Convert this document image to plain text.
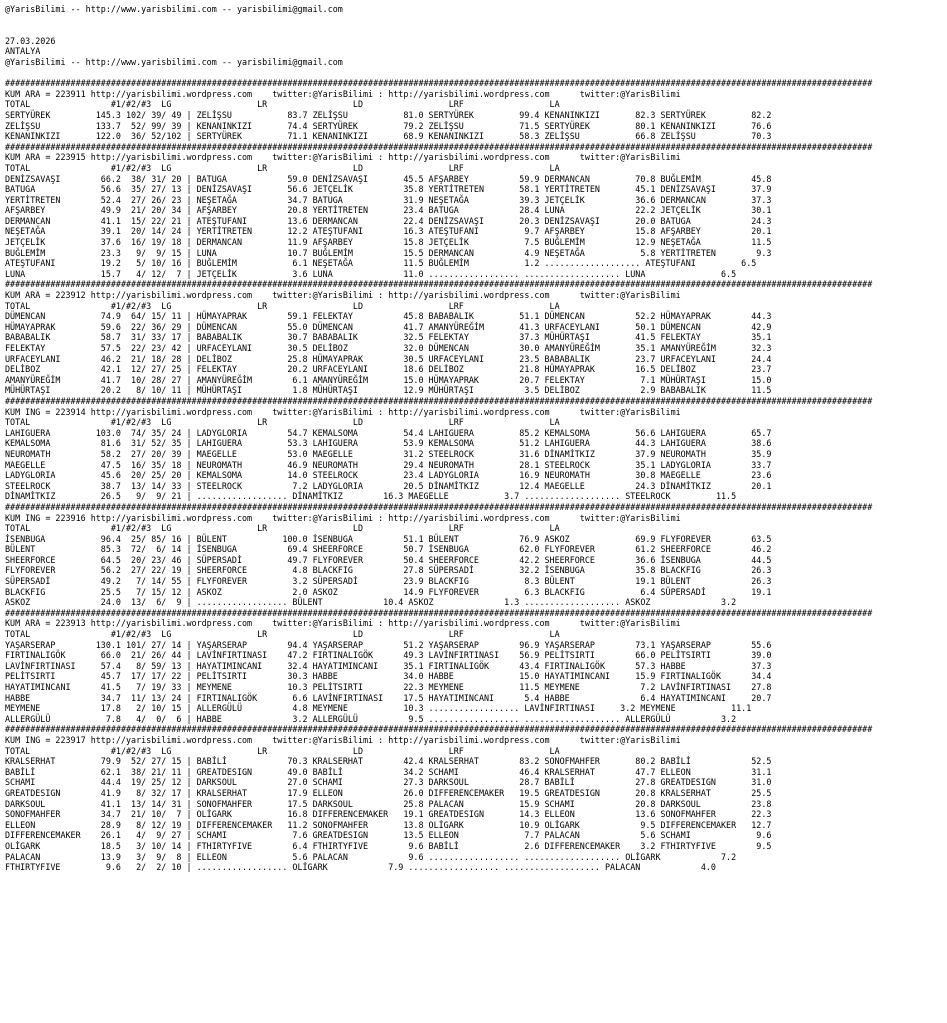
@YarisBilimi -- http://www.yarisbilimi.com -- yarisbilimi@gmail.com
27.03.2026
ANTALYA
@YarisBilimi -- http://www.yarisbilimi.com -- yarisbilimi@gmail.com
############################################################################################################################################################################
KUM ARA = 223911 http://yarisbilimi.wordpress.com    twitter:@YarisBilimi : http://yarisbilimi.wordpress.com      twitter:@YarisBilimi
TOTAL                #1/#2/#3  LG                 LR                 LD                 LRF                 LA
SERTYÜREK         145.3 102/ 39/ 49 | ZELİŞSU           83.7 ZELİŞSU           81.0 SERTYÜREK         99.4 KENANINKIZI       82.3 SERTYÜREK         82.2
ZELİŞSU           133.7  52/ 99/ 39 | KENANINKIZI       74.4 SERTYÜREK         79.2 ZELİŞSU           71.5 SERTYÜREK         80.1 KENANINKIZI       76.6
KENANINKIZI       122.0  36/ 52/102 | SERTYÜREK         71.1 KENANINKIZI       68.9 KENANINKIZI       58.3 ZELİŞSU           66.8 ZELİŞSU           70.3
############################################################################################################################################################################
KUM ARA = 223915 http://yarisbilimi.wordpress.com    twitter:@YarisBilimi : http://yarisbilimi.wordpress.com      twitter:@YarisBilimi
TOTAL                #1/#2/#3  LG                 LR                 LD                 LRF                 LA
DENİZSAVAŞI        66.2  38/ 31/ 20 | BATUGA            59.0 DENİZSAVAŞI       45.5 AFŞARBEY          59.9 DERMANCAN         70.8 BUĞLEMİM          45.8
BATUGA             56.6  35/ 27/ 13 | DENİZSAVAŞI       56.6 JETÇELİK          35.8 YERTİTRETEN       58.1 YERTİTRETEN       45.1 DENİZSAVAŞI       37.9
YERTİTRETEN        52.4  27/ 26/ 23 | NEŞETAĞA          34.7 BATUGA            31.9 NEŞETAĞA          39.3 JETÇELİK          36.6 DERMANCAN         37.3
AFŞARBEY           49.9  21/ 20/ 34 | AFŞARBEY          20.8 YERTİTRETEN       23.4 BATUGA            28.4 LUNA              22.2 JETÇELİK          30.1
DERMANCAN          41.1  15/ 22/ 21 | ATEŞTUFANI        13.6 DERMANCAN         22.4 DENİZSAVAŞI       20.3 DENİZSAVAŞI       20.0 BATUGA            24.3
NEŞETAĞA           39.1  20/ 14/ 24 | YERTİTRETEN       12.2 ATEŞTUFANI        16.3 ATEŞTUFANI         9.7 AFŞARBEY          15.8 AFŞARBEY          20.1
JETÇELİK           37.6  16/ 19/ 18 | DERMANCAN         11.9 AFŞARBEY          15.8 JETÇELİK           7.5 BUĞLEMİM          12.9 NEŞETAĞA          11.5
BUĞLEMİM           23.3   9/  9/ 15 | LUNA              10.7 BUĞLEMİM          15.5 DERMANCAN          4.9 NEŞETAĞA           5.8 YERTİTRETEN        9.3
ATEŞTUFANI         19.2   5/ 10/ 16 | BUĞLEMİM           6.1 NEŞETAĞA          11.5 BUĞLEMİM           1.2 ................... ATEŞTUFANI         6.5
LUNA               15.7   4/ 12/  7 | JETÇELİK           3.6 LUNA              11.0 .................. ................... LUNA               6.5
############################################################################################################################################################################
KUM ARA = 223912 http://yarisbilimi.wordpress.com    twitter:@YarisBilimi : http://yarisbilimi.wordpress.com      twitter:@YarisBilimi
TOTAL                #1/#2/#3  LG                 LR                 LD                 LRF                 LA
DÜMENCAN           74.9  64/ 15/ 11 | HÜMAYAPRAK        59.1 FELEKTAY          45.8 BABABALIK         51.1 DÜMENCAN          52.2 HÜMAYAPRAK        44.3
HÜMAYAPRAK         59.6  22/ 36/ 29 | DÜMENCAN          55.0 DÜMENCAN          41.7 AMANYÜREĞİM       41.3 URFACEYLANI       50.1 DÜMENCAN          42.9
BABABALIK          58.7  31/ 33/ 17 | BABABALIK         30.7 BABABALIK         32.5 FELEKTAY          37.3 MÜHÜRTAŞI         41.5 FELEKTAY          35.1
FELEKTAY           57.5  22/ 23/ 42 | URFACEYLANI       30.5 DELİBOZ           32.0 DÜMENCAN          30.0 AMANYÜREĞİM       35.1 AMANYÜREĞİM       32.3
URFACEYLANI        46.2  21/ 18/ 28 | DELİBOZ           25.8 HÜMAYAPRAK        30.5 URFACEYLANI       23.5 BABABALIK         23.7 URFACEYLANI       24.4
DELİBOZ            42.1  12/ 27/ 25 | FELEKTAY          20.2 URFACEYLANI       18.6 DELİBOZ           21.8 HÜMAYAPRAK        16.5 DELİBOZ           23.7
AMANYÜREĞİM        41.7  10/ 28/ 27 | AMANYÜREĞİM        6.1 AMANYÜREĞİM       15.0 HÜMAYAPRAK        20.7 FELEKTAY           7.1 MÜHÜRTAŞI         15.0
MÜHÜRTAŞI          20.2   8/ 10/ 11 | MÜHÜRTAŞI          1.8 MÜHÜRTAŞI         12.9 MÜHÜRTAŞI          3.5 DELİBOZ            2.9 BABABALIK         11.5
############################################################################################################################################################################
KUM ING = 223914 http://yarisbilimi.wordpress.com    twitter:@YarisBilimi : http://yarisbilimi.wordpress.com      twitter:@YarisBilimi
TOTAL                #1/#2/#3  LG                 LR                 LD                 LRF                 LA
LAHIGUERA         103.0  74/ 35/ 24 | LADYGLORIA        54.7 KEMALSOMA         54.4 LAHIGUERA         85.2 KEMALSOMA         56.6 LAHIGUERA         65.7
KEMALSOMA          81.6  31/ 52/ 35 | LAHIGUERA         53.3 LAHIGUERA         53.9 KEMALSOMA         51.2 LAHIGUERA         44.3 LAHIGUERA         38.6
NEUROMATH          58.2  27/ 20/ 39 | MAEGELLE          53.0 MAEGELLE          31.2 STEELROCK         31.6 DİNAMİTKIZ        37.9 NEUROMATH         35.9
MAEGELLE           47.5  16/ 35/ 18 | NEUROMATH         46.9 NEUROMATH         29.4 NEUROMATH         28.1 STEELROCK         35.1 LADYGLORIA        33.7
LADYGLORIA         45.6  20/ 25/ 20 | KEMALSOMA         14.0 STEELROCK         23.4 LADYGLORIA        16.9 NEUROMATH         30.8 MAEGELLE          23.6
STEELROCK          38.7  13/ 14/ 33 | STEELROCK          7.2 LADYGLORIA        20.5 DİNAMİTKIZ        12.4 MAEGELLE          24.3 DİNAMİTKIZ        20.1
DİNAMİTKIZ         26.5   9/  9/ 21 | .................. DİNAMİTKIZ        16.3 MAEGELLE           3.7 ................... STEELROCK         11.5
############################################################################################################################################################################
KUM ING = 223916 http://yarisbilimi.wordpress.com    twitter:@YarisBilimi : http://yarisbilimi.wordpress.com      twitter:@YarisBilimi
TOTAL                #1/#2/#3  LG                 LR                 LD                 LRF                 LA
İSENBUGA           96.4  25/ 85/ 16 | BÜLENT           100.0 İSENBUGA          51.1 BÜLENT            76.9 ASKOZ             69.9 FLYFOREVER        63.5
BÜLENT             85.3  72/  6/ 14 | İSENBUGA          69.4 SHEERFORCE        50.7 İSENBUGA          62.0 FLYFOREVER        61.2 SHEERFORCE        46.2
SHEERFORCE         64.5  20/ 23/ 46 | SÜPERSADİ         49.7 FLYFOREVER        50.4 SHEERFORCE        42.2 SHEERFORCE        36.6 İSENBUGA          44.5
FLYFOREVER         56.2  27/ 22/ 19 | SHEERFORCE         4.8 BLACKFIG          27.8 SÜPERSADİ         32.2 İSENBUGA          35.8 BLACKFIG          26.3
SÜPERSADİ          49.2   7/ 14/ 55 | FLYFOREVER         3.2 SÜPERSADİ         23.9 BLACKFIG           8.3 BÜLENT            19.1 BÜLENT            26.3
BLACKFIG           25.5   7/ 15/ 12 | ASKOZ              2.0 ASKOZ             14.9 FLYFOREVER         6.3 BLACKFIG           6.4 SÜPERSADİ         19.1
ASKOZ              24.0  13/  6/  9 | .................. BÜLENT            10.4 ASKOZ              1.3 ................... ASKOZ              3.2
############################################################################################################################################################################
KUM ARA = 223913 http://yarisbilimi.wordpress.com    twitter:@YarisBilimi : http://yarisbilimi.wordpress.com      twitter:@YarisBilimi
TOTAL                #1/#2/#3  LG                 LR                 LD                 LRF                 LA
YAŞARSERAP        130.1 101/ 27/ 14 | YAŞARSERAP        94.4 YAŞARSERAP        51.2 YAŞARSERAP        96.9 YAŞARSERAP        73.1 YAŞARSERAP        55.6
FIRTINALIGÖK       66.0  21/ 26/ 44 | LAVİNFIRTINASI    47.2 FIRTINALIGÖK      49.3 LAVİNFIRTINASI    56.9 PELİTSIRTI        66.0 PELİTSIRTI        39.0
LAVİNFIRTINASI     57.4   8/ 59/ 13 | HAYATIMINCANI     32.4 HAYATIMINCANI     35.1 FIRTINALIGÖK      43.4 FIRTINALIGÖK      57.3 HABBE             37.3
PELİTSIRTI         45.7  17/ 17/ 22 | PELİTSIRTI        30.3 HABBE             34.0 HABBE             15.0 HAYATIMINCANI     15.9 FIRTINALIGÖK      34.4
HAYATIMINCANI      41.5   7/ 19/ 33 | MEYMENE           10.3 PELİTSIRTI        22.3 MEYMENE           11.5 MEYMENE            7.2 LAVİNFIRTINASI    27.8
HABBE              34.7  11/ 13/ 24 | FIRTINALIGÖK       6.6 LAVİNFIRTINASI    17.5 HAYATIMINCANI      5.4 HABBE              6.4 HAYATIMINCANI     20.7
MEYMENE            17.8   2/ 10/ 15 | ALLERGÜLÜ          4.8 MEYMENE           10.3 .................. LAVİNFIRTINASI     3.2 MEYMENE           11.1
ALLERGÜLÜ           7.8   4/  0/  6 | HABBE              3.2 ALLERGÜLÜ          9.5 .................. ................... ALLERGÜLÜ          3.2
############################################################################################################################################################################
KUM ING = 223917 http://yarisbilimi.wordpress.com    twitter:@YarisBilimi : http://yarisbilimi.wordpress.com      twitter:@YarisBilimi
TOTAL                #1/#2/#3  LG                 LR                 LD                 LRF                 LA
KRALSERHAT         79.9  52/ 27/ 15 | BABİLİ            70.3 KRALSERHAT        42.4 KRALSERHAT        83.2 SONOFMAHFER       80.2 BABİLİ            52.5
BABİLİ             62.1  38/ 21/ 11 | GREATDESIGN       49.0 BABİLİ            34.2 SCHAMI            46.4 KRALSERHAT        47.7 ELLEON            31.1
SCHAMI             44.4  19/ 25/ 12 | DARKSOUL          27.0 SCHAMI            27.3 DARKSOUL          28.7 BABİLİ            27.8 GREATDESIGN       31.0
GREATDESIGN        41.9   8/ 32/ 17 | KRALSERHAT        17.9 ELLEON            26.0 DIFFERENCEMAKER   19.5 GREATDESIGN       20.8 KRALSERHAT        25.5
DARKSOUL           41.1  13/ 14/ 31 | SONOFMAHFER       17.5 DARKSOUL          25.8 PALACAN           15.9 SCHAMI            20.8 DARKSOUL          23.8
SONOFMAHFER        34.7  21/ 10/  7 | OLİGARK           16.8 DIFFERENCEMAKER   19.1 GREATDESIGN       14.3 ELLEON            13.6 SONOFMAHFER       22.3
ELLEON             28.9   8/ 12/ 19 | DIFFERENCEMAKER   11.2 SONOFMAHFER       13.8 OLİGARK           10.9 OLİGARK            9.5 DIFFERENCEMAKER   12.7
DIFFERENCEMAKER    26.1   4/  9/ 27 | SCHAMI             7.6 GREATDESIGN       13.5 ELLEON             7.7 PALACAN            5.6 SCHAMI             9.6
OLİGARK            18.5   3/ 10/ 14 | FTHIRTYFIVE        6.4 FTHIRTYFIVE        9.6 BABİLİ             2.6 DIFFERENCEMAKER    3.2 FTHIRTYFIVE        9.5
PALACAN            13.9   3/  9/  8 | ELLEON             5.6 PALACAN            9.6 .................. ................... OLİGARK            7.2
FTHIRTYFIVE         9.6   2/  2/ 10 | .................. OLİGARK            7.9 .................. ................... PALACAN            4.0
